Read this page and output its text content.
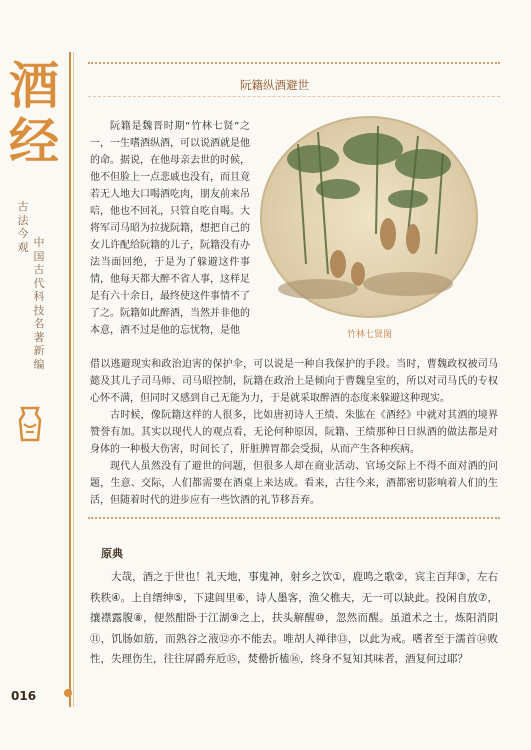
酒
经
古法今观 中国古代科技名著新编
阮籍纵酒避世
竹林七贤图

阮籍是魏晋时期“竹林七贤”之一，一生嗜酒纵酒，可以说酒就是他的命。据说，在他母亲去世的时候，他不但脸上一点悲戚也没有，而且竟若无人地大口喝酒吃肉，朋友前来吊唁，他也不回礼，只管自吃自喝。大将军司马昭为拉拢阮籍，想把自己的女儿许配给阮籍的儿子，阮籍没有办法当面回绝，于是为了躲避这件事情，他每天都大醉不省人事，这样足足有六十余日，最终使这件事情不了了之。阮籍如此醉酒，当然并非他的本意，酒不过是他的忘忧物，是他

借以逃避现实和政治迫害的保护伞，可以说是一种自我保护的手段。当时，曹魏政权被司马懿及其儿子司马师、司马昭控制，阮籍在政治上是倾向于曹魏皇室的，所以对司马氏的专权心怀不满，但同时又感到自己无能为力，于是就采取醉酒的态度来躲避这种现实。

古时候，像阮籍这样的人很多，比如唐初诗人王绩、朱肱在《酒经》中就对其酒的境界赞誉有加。其实以现代人的观点看，无论何种原因，阮籍、王绩那种日日纵酒的做法都是对身体的一种极大伤害，时间长了，肝脏脾胃都会受损，从而产生各种疾病。

现代人虽然没有了避世的问题，但很多人却在商业活动、官场交际上不得不面对酒的问题，生意、交际，人们都需要在酒桌上来达成。看来，古往今来，酒都密切影响着人们的生活，但随着时代的进步应有一些饮酒的礼节移吾弃。

原典

大哉，酒之于世也！礼天地，事鬼神，射乡之饮①，鹿鸣之歌②，宾主百拜③，左右秩秩④。上自缙绅⑤，下逮闾里⑥，诗人墨客，渔父樵夫，无一可以缺此。投闲自放⑦，攘襟露腹⑧，便然酣卧于江湖⑨之上，扶头解醒⑩，忽然而醒。虽道术之士，炼阳消阴⑪，饥肠如筋，而熟谷之液⑫亦不能去。唯胡人禅律⑬，以此为戒。嗜者至于濡首⑭败性，失理伤生，往往屏爵弃卮⑮，焚罍折榼⑯，终身不复知其味者，酒复何过耶？

016
